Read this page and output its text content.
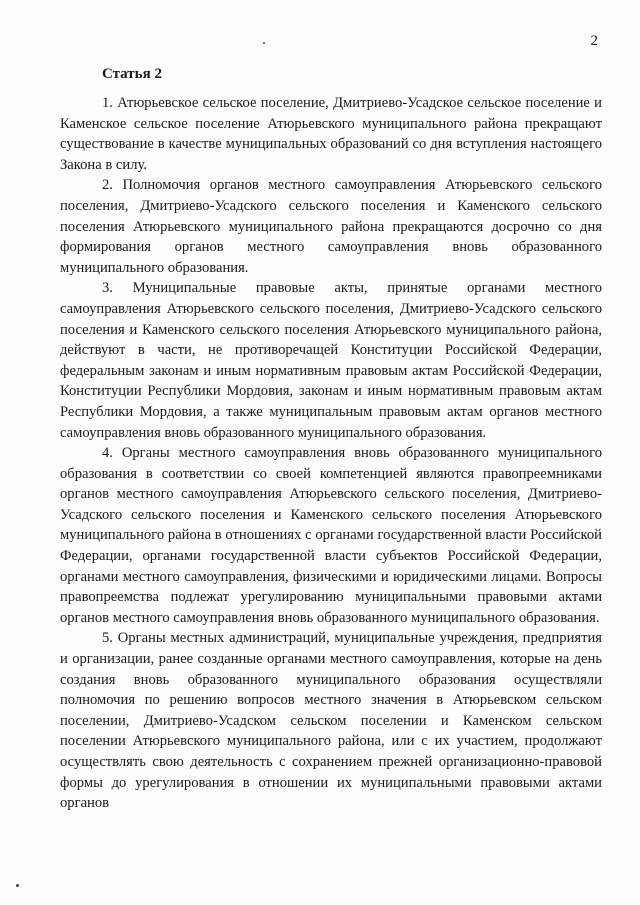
2
Статья 2

1. Атюрьевское сельское поселение, Дмитриево-Усадское сельское поселение и Каменское сельское поселение Атюрьевского муниципального района прекращают существование в качестве муниципальных образований со дня вступления настоящего Закона в силу.

2. Полномочия органов местного самоуправления Атюрьевского сельского поселения, Дмитриево-Усадского сельского поселения и Каменского сельского поселения Атюрьевского муниципального района прекращаются досрочно со дня формирования органов местного самоуправления вновь образованного муниципального образования.

3. Муниципальные правовые акты, принятые органами местного самоуправления Атюрьевского сельского поселения, Дмитриево-Усадского сельского поселения и Каменского сельского поселения Атюрьевского муниципального района, действуют в части, не противоречащей Конституции Российской Федерации, федеральным законам и иным нормативным правовым актам Российской Федерации, Конституции Республики Мордовия, законам и иным нормативным правовым актам Республики Мордовия, а также муниципальным правовым актам органов местного самоуправления вновь образованного муниципального образования.

4. Органы местного самоуправления вновь образованного муниципального образования в соответствии со своей компетенцией являются правопреемниками органов местного самоуправления Атюрьевского сельского поселения, Дмитриево-Усадского сельского поселения и Каменского сельского поселения Атюрьевского муниципального района в отношениях с органами государственной власти Российской Федерации, органами государственной власти субъектов Российской Федерации, органами местного самоуправления, физическими и юридическими лицами. Вопросы правопреемства подлежат урегулированию муниципальными правовыми актами органов местного самоуправления вновь образованного муниципального образования.

5. Органы местных администраций, муниципальные учреждения, предприятия и организации, ранее созданные органами местного самоуправления, которые на день создания вновь образованного муниципального образования осуществляли полномочия по решению вопросов местного значения в Атюрьевском сельском поселении, Дмитриево-Усадском сельском поселении и Каменском сельском поселении Атюрьевского муниципального района, или с их участием, продолжают осуществлять свою деятельность с сохранением прежней организационно-правовой формы до урегулирования в отношении их муниципальными правовыми актами органов
